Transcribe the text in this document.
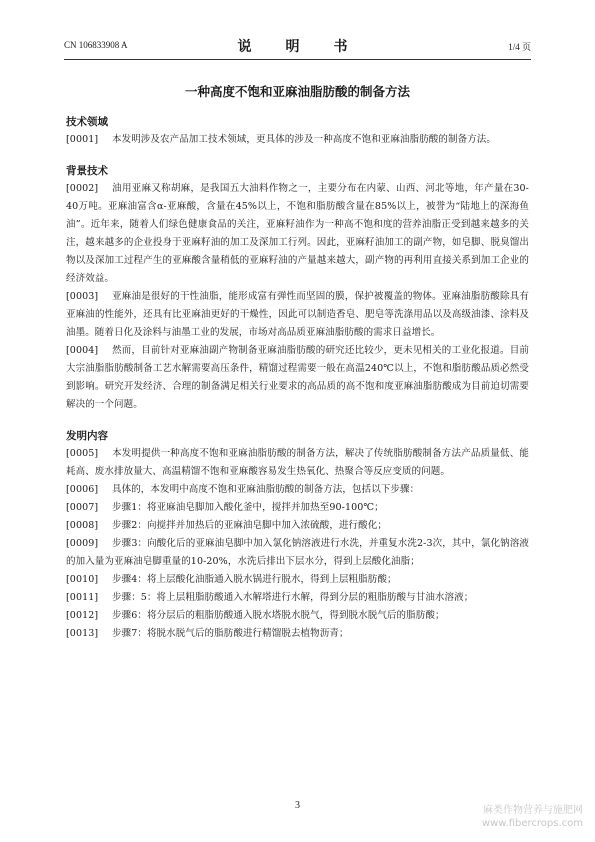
CN 106833908 A	说　明　书	1/4 页
一种高度不饱和亚麻油脂肪酸的制备方法
技术领域
[0001] 本发明涉及农产品加工技术领域，更具体的涉及一种高度不饱和亚麻油脂肪酸的制备方法。
背景技术
[0002] 油用亚麻又称胡麻，是我国五大油料作物之一，主要分布在内蒙、山西、河北等地，年产量在30-40万吨。亚麻油富含α-亚麻酸，含量在45%以上，不饱和脂肪酸含量在85%以上，被誉为“陆地上的深海鱼油”。近年来，随着人们绿色健康食品的关注，亚麻籽油作为一种高不饱和度的营养油脂正受到越来越多的关注，越来越多的企业投身于亚麻籽油的加工及深加工行列。因此，亚麻籽油加工的副产物，如皂脚、脱臭馏出物以及深加工过程产生的亚麻酸含量稍低的亚麻籽油的产量越来越大，副产物的再利用直接关系到加工企业的经济效益。
[0003] 亚麻油是很好的干性油脂，能形成富有弹性而坚固的膜，保护被覆盖的物体。亚麻油脂肪酸除具有亚麻油的性能外，还具有比亚麻油更好的干燥性，因此可以制造香皂、肥皂等洗涤用品以及高级油漆、涂料及油墨。随着日化及涂料与油墨工业的发展，市场对高品质亚麻油脂肪酸的需求日益增长。
[0004] 然而，目前针对亚麻油副产物制备亚麻油脂肪酸的研究还比较少，更未见相关的工业化报道。目前大宗油脂脂肪酸制备工艺水解需要高压条件，精馏过程需要一般在高温240℃以上，不饱和脂肪酸品质必然受到影响。研究开发经济、合理的制备满足相关行业要求的高品质的高不饱和度亚麻油脂肪酸成为目前迫切需要解决的一个问题。
发明内容
[0005] 本发明提供一种高度不饱和亚麻油脂肪酸的制备方法，解决了传统脂肪酸制备方法产品质量低、能耗高、废水排放量大、高温精馏不饱和亚麻酸容易发生热氧化、热聚合等反应变质的问题。
[0006] 具体的，本发明中高度不饱和亚麻油脂肪酸的制备方法，包括以下步骤：
[0007] 步骤1：将亚麻油皂脚加入酸化釜中，搅拌并加热至90-100℃；
[0008] 步骤2：向搅拌并加热后的亚麻油皂脚中加入浓硫酸，进行酸化；
[0009] 步骤3：向酸化后的亚麻油皂脚中加入氯化钠溶液进行水洗，并重复水洗2-3次，其中，氯化钠溶液的加入量为亚麻油皂脚重量的10-20%，水洗后排出下层水分，得到上层酸化油脂；
[0010] 步骤4：将上层酸化油脂通入脱水锅进行脱水，得到上层粗脂肪酸；
[0011] 步骤：5：将上层粗脂肪酸通入水解塔进行水解，得到分层的粗脂肪酸与甘油水溶液；
[0012] 步骤6：将分层后的粗脂肪酸通入脱水塔脱水脱气，得到脱水脱气后的脂肪酸；
[0013] 步骤7：将脱水脱气后的脂肪酸进行精馏脱去植物沥青；
3	麻类作物营养与施肥网
www.fibercrops.com
